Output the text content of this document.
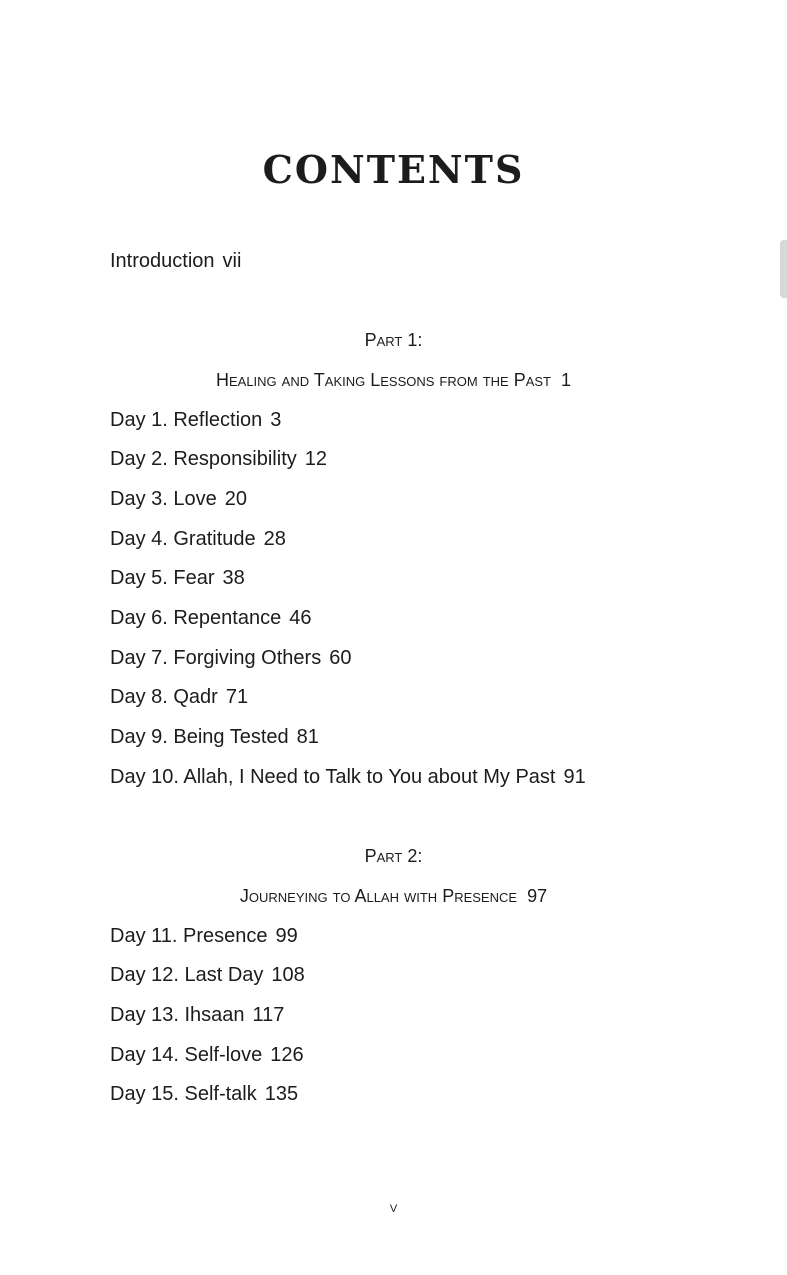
CONTENTS
Introduction vii
Part 1:
Healing and Taking Lessons from the Past 1
Day 1. Reflection 3
Day 2. Responsibility 12
Day 3. Love 20
Day 4. Gratitude 28
Day 5. Fear 38
Day 6. Repentance 46
Day 7. Forgiving Others 60
Day 8. Qadr 71
Day 9. Being Tested 81
Day 10. Allah, I Need to Talk to You about My Past 91
Part 2:
Journeying to Allah with Presence 97
Day 11. Presence 99
Day 12. Last Day 108
Day 13. Ihsaan 117
Day 14. Self-love 126
Day 15. Self-talk 135
v
